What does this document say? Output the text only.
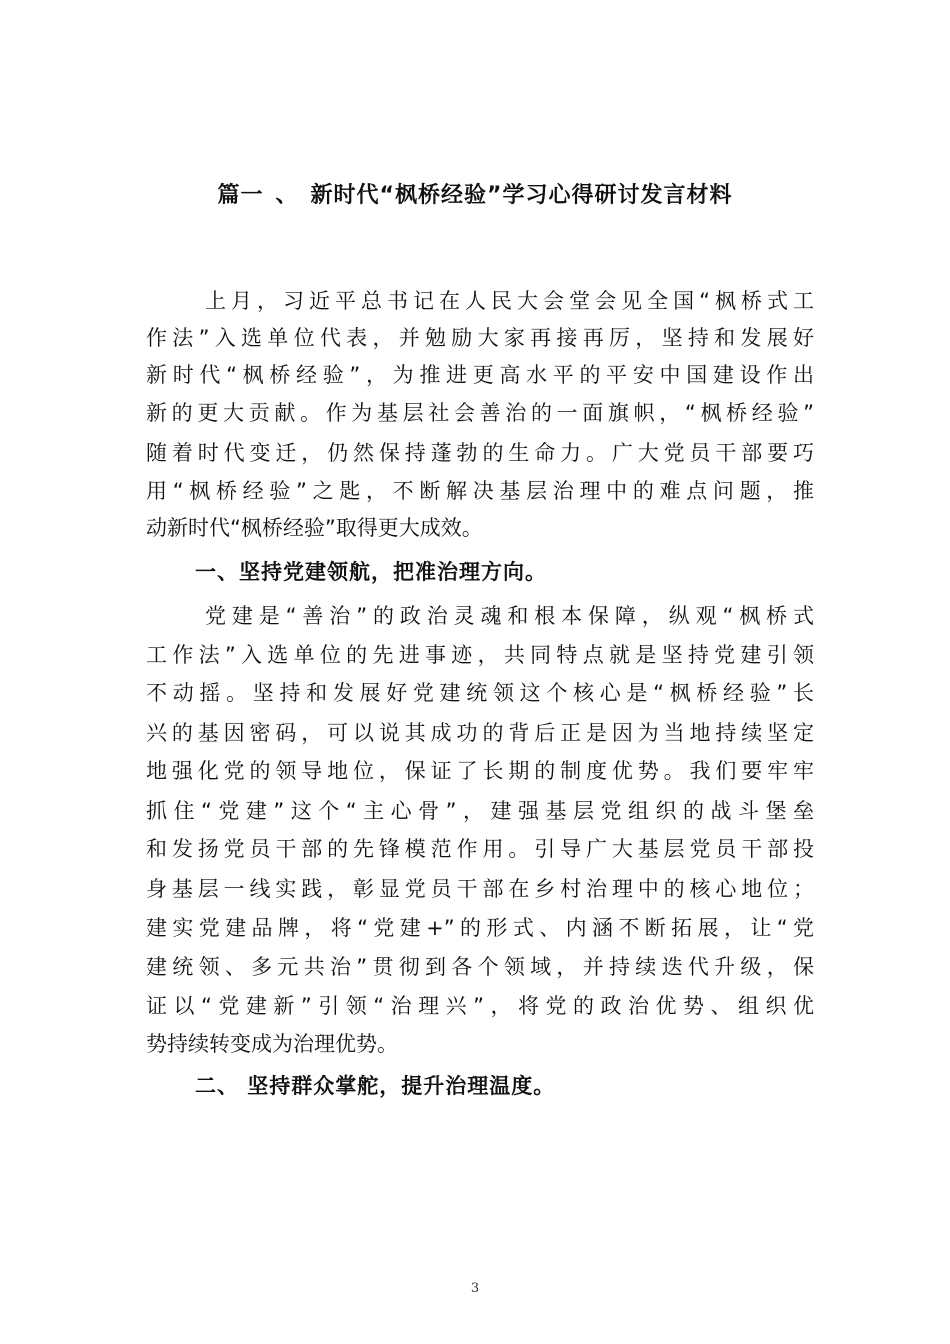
篇一 、 新时代“枫桥经验”学习心得研讨发言材料
上月，习近平总书记在人民大会堂会见全国“枫桥式工
作法”入选单位代表，并勉励大家再接再厉，坚持和发展好
新时代“枫桥经验”，为推进更高水平的平安中国建设作出
新的更大贡献。作为基层社会善治的一面旗帜，“枫桥经验”
随着时代变迁，仍然保持蓬勃的生命力。广大党员干部要巧
用“枫桥经验”之匙，不断解决基层治理中的难点问题，推
动新时代“枫桥经验”取得更大成效。
一、坚持党建领航，把准治理方向。
党建是“善治”的政治灵魂和根本保障，纵观“枫桥式
工作法”入选单位的先进事迹，共同特点就是坚持党建引领
不动摇。坚持和发展好党建统领这个核心是“枫桥经验”长
兴的基因密码，可以说其成功的背后正是因为当地持续坚定
地强化党的领导地位，保证了长期的制度优势。我们要牢牢
抓住“党建”这个“主心骨”，建强基层党组织的战斗堡垒
和发扬党员干部的先锋模范作用。引导广大基层党员干部投
身基层一线实践，彰显党员干部在乡村治理中的核心地位；
建实党建品牌，将“党建+”的形式、内涵不断拓展，让“党
建统领、多元共治”贯彻到各个领域，并持续迭代升级，保
证以“党建新”引领“治理兴”，将党的政治优势、组织优
势持续转变成为治理优势。
二、 坚持群众掌舵，提升治理温度。
3
